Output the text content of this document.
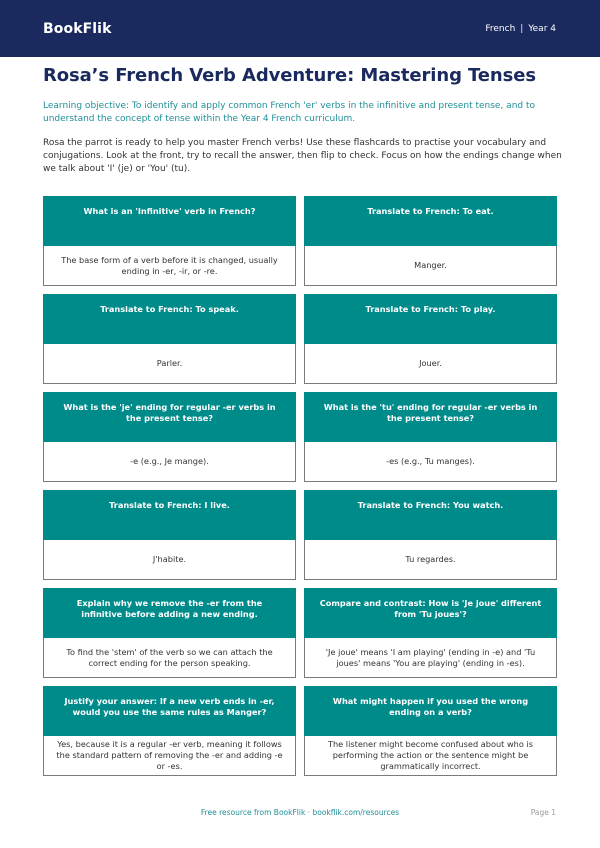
BookFlik	French | Year 4
Rosa’s French Verb Adventure: Mastering Tenses

Learning objective: To identify and apply common French 'er' verbs in the infinitive and present tense, and to understand the concept of tense within the Year 4 French curriculum.

Rosa the parrot is ready to help you master French verbs! Use these flashcards to practise your vocabulary and conjugations. Look at the front, try to recall the answer, then flip to check. Focus on how the endings change when we talk about 'I' (je) or 'You' (tu).

What is an 'Infinitive' verb in French?
The base form of a verb before it is changed, usually ending in -er, -ir, or -re.
Translate to French: To eat.
Manger.
Translate to French: To speak.
Parler.
Translate to French: To play.
Jouer.
What is the 'je' ending for regular -er verbs in the present tense?
-e (e.g., Je mange).
What is the 'tu' ending for regular -er verbs in the present tense?
-es (e.g., Tu manges).
Translate to French: I live.
J'habite.
Translate to French: You watch.
Tu regardes.
Explain why we remove the -er from the infinitive before adding a new ending.
To find the 'stem' of the verb so we can attach the correct ending for the person speaking.
Compare and contrast: How is 'Je joue' different from 'Tu joues'?
'Je joue' means 'I am playing' (ending in -e) and 'Tu joues' means 'You are playing' (ending in -es).
Justify your answer: If a new verb ends in -er, would you use the same rules as Manger?
Yes, because it is a regular -er verb, meaning it follows the standard pattern of removing the -er and adding -e or -es.
What might happen if you used the wrong ending on a verb?
The listener might become confused about who is performing the action or the sentence might be grammatically incorrect.
Free resource from BookFlik · bookflik.com/resources	Page 1
